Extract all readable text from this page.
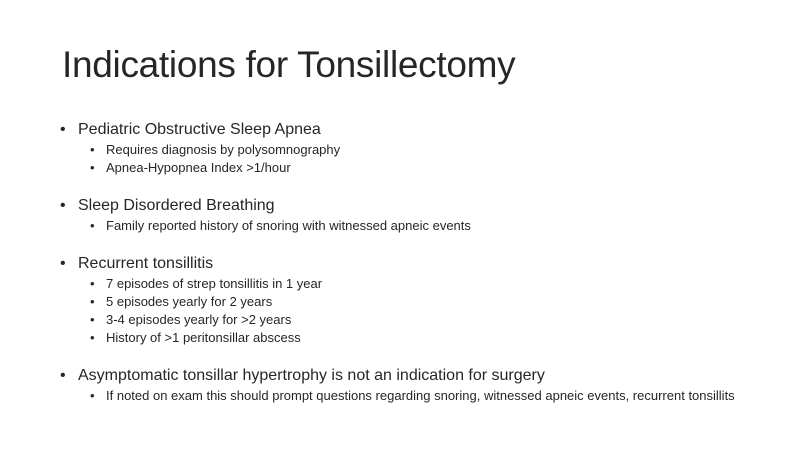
Indications for Tonsillectomy
• Pediatric Obstructive Sleep Apnea
• Requires diagnosis by polysomnography
• Apnea-Hypopnea Index >1/hour
• Sleep Disordered Breathing
• Family reported history of snoring with witnessed apneic events
• Recurrent tonsillitis
• 7 episodes of strep tonsillitis in 1 year
• 5 episodes yearly for 2 years
• 3-4 episodes yearly for >2 years
• History of >1 peritonsillar abscess
• Asymptomatic tonsillar hypertrophy is not an indication for surgery
• If noted on exam this should prompt questions regarding snoring, witnessed apneic events, recurrent tonsillits
